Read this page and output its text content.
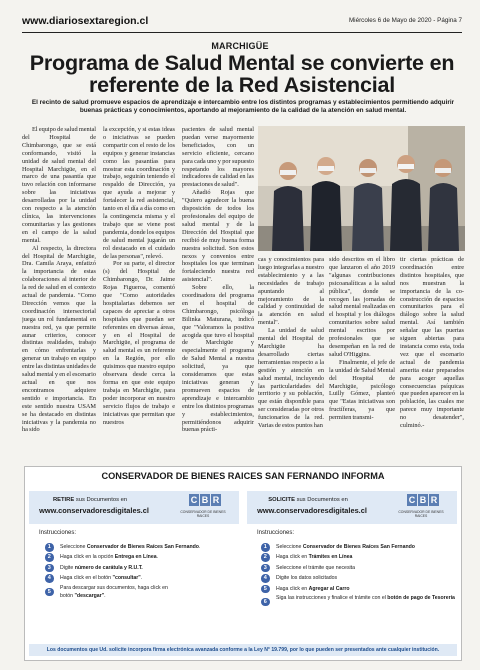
www.diariosextaregion.cl	Miércoles 6 de Mayo de 2020 - Página 7
MARCHIGÜE
Programa de Salud Mental se convierte en referente de la Red Asistencial
El recinto de salud promueve espacios de aprendizaje e intercambio entre los distintos programas y establecimientos permitiendo adquirir buenas prácticas y conocimientos, aportando al mejoramiento de la calidad de la atención en salud mental.

El equipo de salud mental del Hospital de Chimbarongo, que se está conformando, visitó la unidad de salud mental del Hospital Marchigüe, en el marco de una pasantía que tuvo relación con informarse sobre las iniciativas desarrolladas por la unidad con respecto a la atención clínica, las intervenciones comunitarias y las gestiones en el campo de la salud mental.

Al respecto, la directora del Hospital de Marchigüe, Dra. Camila Araya, enfatizó la importancia de estas colaboraciones al interior de la red de salud en el contexto actual de pandemia. "Como Dirección vemos que la coordinación intersectorial juega un rol fundamental en nuestra red, ya que permite aunar criterios, conocer distintas realidades, trabajo en cómo enfrentarlas y generar un trabajo en equipo entre las distintas unidades de salud mental y en el escenario actual en que nos encontramos adquiere sentido e importancia. En este sentido nuestra USAM se ha destacado en distintas iniciativas y la pandemia no ha sido

la excepción, y si estas ideas o iniciativas se pueden compartir con el resto de los equipos y generar instancias como las pasantías para mostrar esta coordinación y trabajo, seguirán teniendo el respaldo de Dirección, ya que ayuda a mejorar y fortalecer la red asistencial, tanto en el día a día como en la contingencia misma y el trabajo que se viene post pandemia, donde los equipos de salud mental jugarán un rol destacado en el cuidado de las personas", relevó.

Por su parte, el director (s) del Hospital de Chimbarongo, Dr. Jaime Rojas Figueroa, comentó que "Como autoridades hospitalarias debemos ser capaces de apreciar a otros hospitales que puedan ser referentes en diversas áreas, y en el Hospital de Marchigüe, el programa de salud mental es un referente en la Región, por ello quisimos que nuestro equipo observara desde cerca la forma en que este equipo trabaja en Marchigüe, para poder incorporar en nuestro servicio flujos de trabajo e iniciativas que permitan que nuestros

pacientes de salud mental puedan verse mayormente beneficiados, con un servicio eficiente, cercano para cada uno y por supuesto respetando los mayores indicadores de calidad en las prestaciones de salud".

Añadió Rojas que "Quiero agradecer la buena disposición de todos los profesionales del equipo de salud mental y de la Dirección del Hospital que recibió de muy buena forma nuestra solicitud. Son estos nexos y convenios entre hospitales los que terminan fortaleciendo nuestra red asistencial".

Sobre ello, la coordinadora del programa en el hospital de Chimbarongo, psicóloga Bilinka Maturana, indicó que "Valoramos la positiva acogida que tuvo el hospital de Marchigüe y especialmente el programa de Salud Mental a nuestra solicitud, ya que consideramos que estas iniciativas generan y promueven espacios de aprendizaje e intercambio entre los distintos programas y establecimientos, permitiéndonos adquirir buenas prácti-

cas y conocimientos para luego integrarlas a nuestro establecimiento y a las necesidades de trabajo apuntando al mejoramiento de la calidad y continuidad de la atención en salud mental".

La unidad de salud mental del Hospital de Marchigüe ha desarrollado ciertas herramientas respecto a la gestión y atención en salud mental, incluyendo las particularidades del territorio y su población, que están disponible para ser consideradas por otros funcionarios de la red. Varias de estos puntos han

sido descritos en el libro que lanzaron el año 2019 "algunas contribuciones psicoanalíticas a la salud pública", donde se recogen las jornadas de salud mental realizadas en el hospital y los diálogos comunitarios sobre salud mental escritos por profesionales que se desempeñan en la red de salud O'Higgins.

Finalmente, el jefe de la unidad de Salud Mental del Hospital de Marchigüe, psicólogo Luilly Gómez, planteó que "Estas iniciativas son fructíferas, ya que permiten transmi-

tir ciertas prácticas de coordinación entre distintos hospitales, que nos muestran la importancia de la co-construcción de espacios comunitarios para el diálogo sobre la salud mental. Así también señalar que las puertas siguen abiertas para instancia como esta, toda vez que el escenario actual de pandemia amerita estar preparados para acoger aquellas consecuencias psíquicas que pueden aparecer en la población, las cuales me parece muy importante no desatender", culminó.-

CONSERVADOR DE BIENES RAICES SAN FERNANDO INFORMA
RETIRE sus Documentos en
www.conservadoresdigitales.cl
C B R
CONSERVADOR DE BIENES RAICES
SOLICITE sus Documentos en
www.conservadoresdigitales.cl
C B R
CONSERVADOR DE BIENES RAICES
Instrucciones:
1	Seleccione Conservador de Bienes Raíces San Fernando.
2	Haga click en la opción Entrega en Línea.
3	Digite número de carátula y R.U.T.
4	Haga click en el botón "consultar".
5
Para descargar sus documentos, haga click en botón "descargar".
Instrucciones:
1	Seleccione Conservador de Bienes Raíces San Fernando
2	Haga click en Trámites en Línea
3	Seleccione el trámite que necesita
4	Digite los datos solicitados
5	Haga click en Agregar al Carro
6
Siga las instrucciones y finalice el trámite con el botón de pago de Tesorería
Los documentos que Ud. solicite incorpora firma electrónica avanzada conforme a la Ley N° 19.799, por lo que pueden ser presentados ante cualquier institución.
